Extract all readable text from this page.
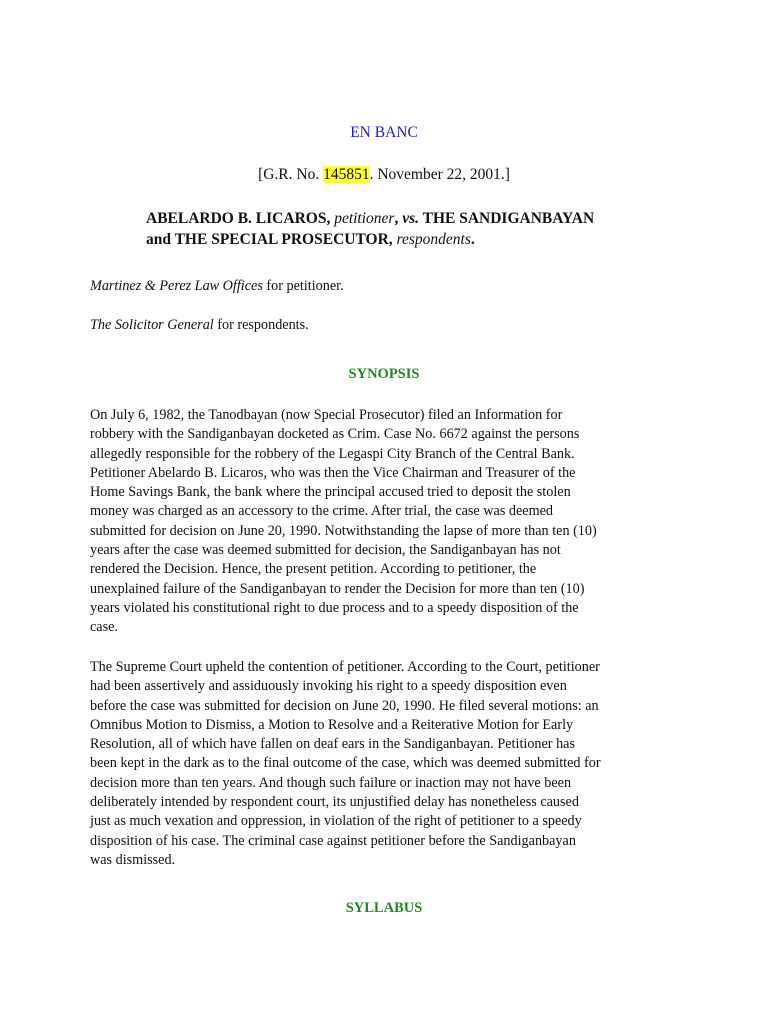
EN BANC
[G.R. No. 145851. November 22, 2001.]
ABELARDO B. LICAROS, petitioner, vs. THE SANDIGANBAYAN
and THE SPECIAL PROSECUTOR, respondents.
Martinez & Perez Law Offices for petitioner.
The Solicitor General for respondents.
SYNOPSIS

On July 6, 1982, the Tanodbayan (now Special Prosecutor) filed an Information for
robbery with the Sandiganbayan docketed as Crim. Case No. 6672 against the persons
allegedly responsible for the robbery of the Legaspi City Branch of the Central Bank.
Petitioner Abelardo B. Licaros, who was then the Vice Chairman and Treasurer of the
Home Savings Bank, the bank where the principal accused tried to deposit the stolen
money was charged as an accessory to the crime. After trial, the case was deemed
submitted for decision on June 20, 1990. Notwithstanding the lapse of more than ten (10)
years after the case was deemed submitted for decision, the Sandiganbayan has not
rendered the Decision. Hence, the present petition. According to petitioner, the
unexplained failure of the Sandiganbayan to render the Decision for more than ten (10)
years violated his constitutional right to due process and to a speedy disposition of the
case.

The Supreme Court upheld the contention of petitioner. According to the Court, petitioner
had been assertively and assiduously invoking his right to a speedy disposition even
before the case was submitted for decision on June 20, 1990. He filed several motions: an
Omnibus Motion to Dismiss, a Motion to Resolve and a Reiterative Motion for Early
Resolution, all of which have fallen on deaf ears in the Sandiganbayan. Petitioner has
been kept in the dark as to the final outcome of the case, which was deemed submitted for
decision more than ten years. And though such failure or inaction may not have been
deliberately intended by respondent court, its unjustified delay has nonetheless caused
just as much vexation and oppression, in violation of the right of petitioner to a speedy
disposition of his case. The criminal case against petitioner before the Sandiganbayan
was dismissed.

SYLLABUS
